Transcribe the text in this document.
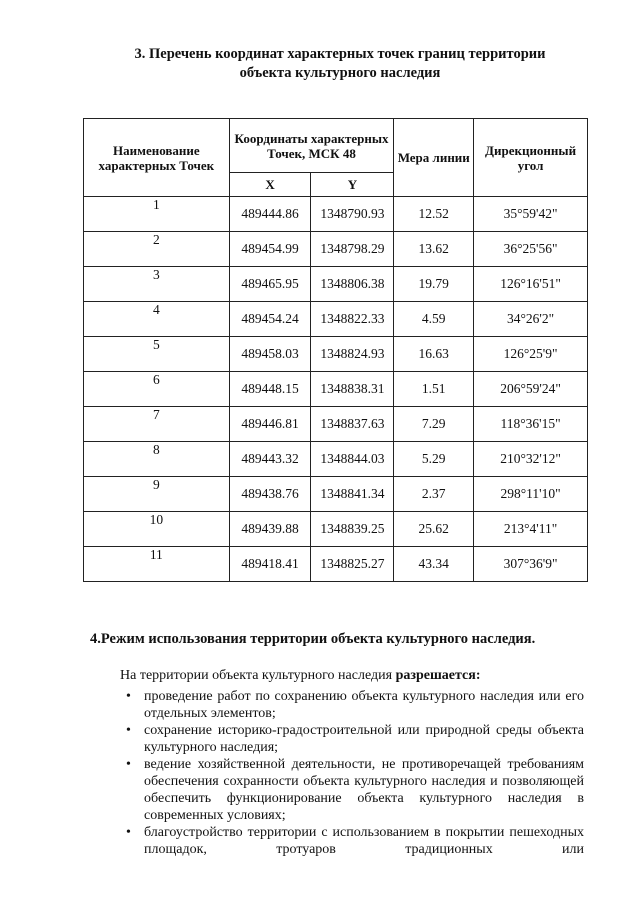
3. Перечень координат характерных точек границ территории
объекта культурного наследия
Наименование характерных Точек	Координаты характерных Точек, МСК 48		Мера линии	Дирекционный угол
	X	Y		
1	489444.86	1348790.93	12.52	35°59'42"
2	489454.99	1348798.29	13.62	36°25'56"
3	489465.95	1348806.38	19.79	126°16'51"
4	489454.24	1348822.33	4.59	34°26'2"
5	489458.03	1348824.93	16.63	126°25'9"
6	489448.15	1348838.31	1.51	206°59'24"
7	489446.81	1348837.63	7.29	118°36'15"
8	489443.32	1348844.03	5.29	210°32'12"
9	489438.76	1348841.34	2.37	298°11'10"
10	489439.88	1348839.25	25.62	213°4'11"
11	489418.41	1348825.27	43.34	307°36'9"
4.Режим использования территории объекта культурного наследия.
На территории объекта культурного наследия разрешается:
• проведение работ по сохранению объекта культурного наследия или его отдельных элементов;
• сохранение историко-градостроительной или природной среды объекта культурного наследия;
• ведение хозяйственной деятельности, не противоречащей требованиям обеспечения сохранности объекта культурного наследия и позволяющей обеспечить функционирование объекта культурного наследия в современных условиях;
• благоустройство территории с использованием в покрытии пешеходных площадок, тротуаров традиционных или
